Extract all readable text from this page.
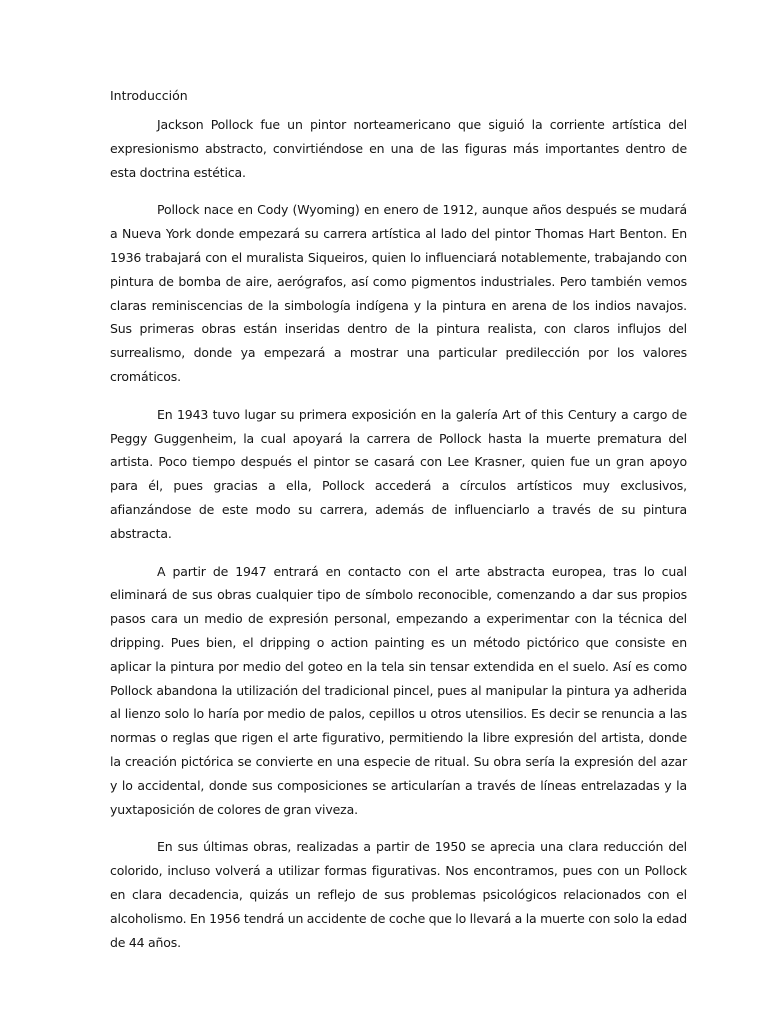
Introducción

Jackson Pollock fue un pintor norteamericano que siguió la corriente artística del expresionismo abstracto, convirtiéndose en una de las figuras más importantes dentro de esta doctrina estética.

Pollock nace en Cody (Wyoming) en enero de 1912, aunque años después se mudará a Nueva York donde empezará su carrera artística al lado del pintor Thomas Hart Benton. En 1936 trabajará con el muralista Siqueiros, quien lo influenciará notablemente, trabajando con pintura de bomba de aire, aerógrafos, así como pigmentos industriales. Pero también vemos claras reminiscencias de la simbología indígena y la pintura en arena de los indios navajos. Sus primeras obras están inseridas dentro de la pintura realista, con claros influjos del surrealismo, donde ya empezará a mostrar una particular predilección por los valores cromáticos.

En 1943 tuvo lugar su primera exposición en la galería Art of this Century a cargo de Peggy Guggenheim, la cual apoyará la carrera de Pollock hasta la muerte prematura del artista. Poco tiempo después el pintor se casará con Lee Krasner, quien fue un gran apoyo para él, pues gracias a ella, Pollock accederá a círculos artísticos muy exclusivos, afianzándose de este modo su carrera, además de influenciarlo a través de su pintura abstracta.

A partir de 1947 entrará en contacto con el arte abstracta europea, tras lo cual eliminará de sus obras cualquier tipo de símbolo reconocible, comenzando a dar sus propios pasos cara un medio de expresión personal, empezando a experimentar con la técnica del dripping. Pues bien, el dripping o action painting es un método pictórico que consiste en aplicar la pintura por medio del goteo en la tela sin tensar extendida en el suelo. Así es como Pollock abandona la utilización del tradicional pincel, pues al manipular la pintura ya adherida al lienzo solo lo haría por medio de palos, cepillos u otros utensilios. Es decir se renuncia a las normas o reglas que rigen el arte figurativo, permitiendo la libre expresión del artista, donde la creación pictórica se convierte en una especie de ritual. Su obra sería la expresión del azar y lo accidental, donde sus composiciones se articularían a través de líneas entrelazadas y la yuxtaposición de colores de gran viveza.

En sus últimas obras, realizadas a partir de 1950 se aprecia una clara reducción del colorido, incluso volverá a utilizar formas figurativas. Nos encontramos, pues con un Pollock en clara decadencia, quizás un reflejo de sus problemas psicológicos relacionados con el alcoholismo. En 1956 tendrá un accidente de coche que lo llevará a la muerte con solo la edad de 44 años.
